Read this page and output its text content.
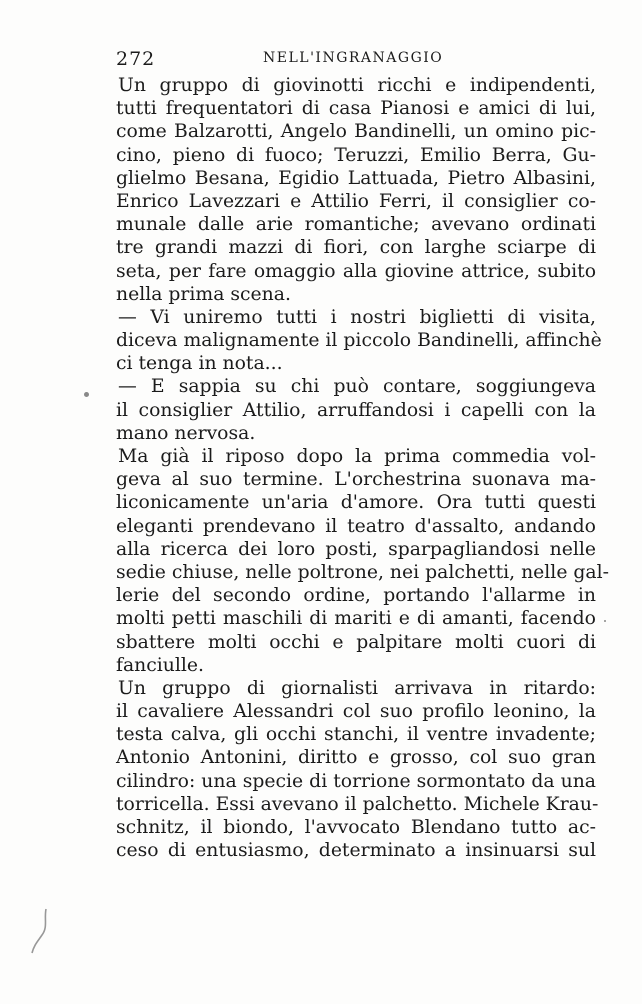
272	NELL'INGRANAGGIO
Un gruppo di giovinotti ricchi e indipendenti,
tutti frequentatori di casa Pianosi e amici di lui,
come Balzarotti, Angelo Bandinelli, un omino pic-
cino, pieno di fuoco; Teruzzi, Emilio Berra, Gu-
glielmo Besana, Egidio Lattuada, Pietro Albasini,
Enrico Lavezzari e Attilio Ferri, il consiglier co-
munale dalle arie romantiche; avevano ordinati
tre grandi mazzi di fiori, con larghe sciarpe di
seta, per fare omaggio alla giovine attrice, subito
nella prima scena.
— Vi uniremo tutti i nostri biglietti di visita,
diceva malignamente il piccolo Bandinelli, affinchè
ci tenga in nota...
— E sappia su chi può contare, soggiungeva
il consiglier Attilio, arruffandosi i capelli con la
mano nervosa.
Ma già il riposo dopo la prima commedia vol-
geva al suo termine. L'orchestrina suonava ma-
liconicamente un'aria d'amore. Ora tutti questi
eleganti prendevano il teatro d'assalto, andando
alla ricerca dei loro posti, sparpagliandosi nelle
sedie chiuse, nelle poltrone, nei palchetti, nelle gal-
lerie del secondo ordine, portando l'allarme in
molti petti maschili di mariti e di amanti, facendo
sbattere molti occhi e palpitare molti cuori di
fanciulle.
Un gruppo di giornalisti arrivava in ritardo:
il cavaliere Alessandri col suo profilo leonino, la
testa calva, gli occhi stanchi, il ventre invadente;
Antonio Antonini, diritto e grosso, col suo gran
cilindro: una specie di torrione sormontato da una
torricella. Essi avevano il palchetto. Michele Krau-
schnitz, il biondo, l'avvocato Blendano tutto ac-
ceso di entusiasmo, determinato a insinuarsi sul
